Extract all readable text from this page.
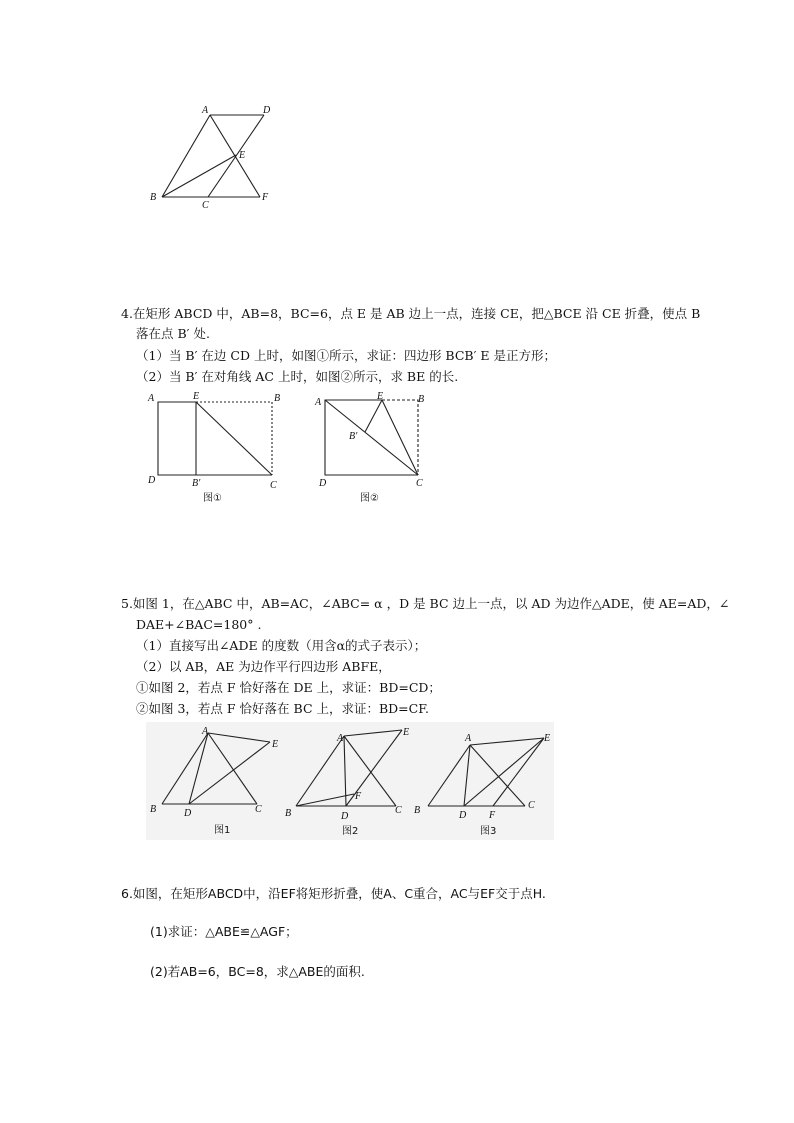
A	D
E
B
C
F
4.在矩形 ABCD 中，AB=8，BC=6，点 E 是 AB 边上一点，连接 CE，把△BCE 沿 CE 折叠，使点 B
落在点 B′ 处.
（1）当 B′ 在边 CD 上时，如图①所示，求证：四边形 BCB′ E 是正方形；
（2）当 B′ 在对角线 AC 上时，如图②所示，求 BE 的长.
A	E	B
D	B'	C
图①
A
E	B
B'
D	C
图②
5.如图 1，在△ABC 中，AB=AC，∠ABC= α ，D 是 BC 边上一点，以 AD 为边作△ADE，使 AE=AD，∠
DAE+∠BAC=180° .
（1）直接写出∠ADE 的度数（用含α的式子表示）；
（2）以 AB，AE 为边作平行四边形 ABFE，
①如图 2，若点 F 恰好落在 DE 上，求证：BD=CD；
②如图 3，若点 F 恰好落在 BC 上，求证：BD=CF.
A
E
B	D	C
图1
A
E
F
B	D
C
图2
A	E
B	D F
C
图3
6.如图，在矩形ABCD中，沿EF将矩形折叠，使A、C重合，AC与EF交于点H.
(1)求证：△ABE≌△AGF；
(2)若AB=6，BC=8，求△ABE的面积.
